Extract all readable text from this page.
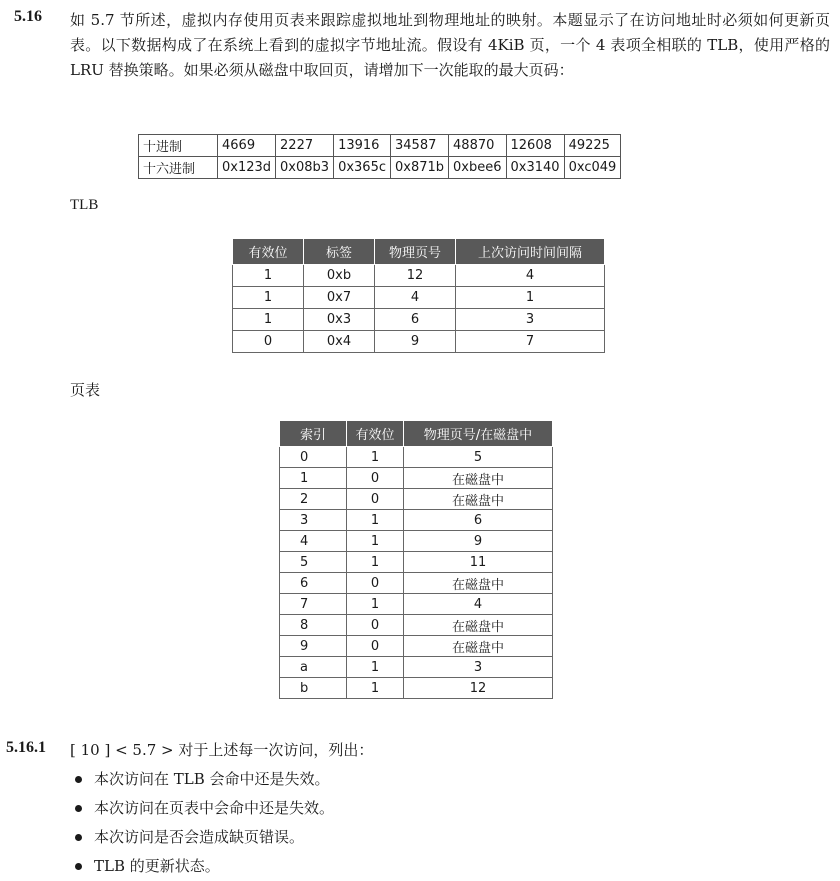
5.16 如 5.7 节所述，虚拟内存使用页表来跟踪虚拟地址到物理地址的映射。本题显示了在访问地址时必须如何更新页表。以下数据构成了在系统上看到的虚拟字节地址流。假设有 4KiB 页，一个 4 表项全相联的 TLB，使用严格的 LRU 替换策略。如果必须从磁盘中取回页，请增加下一次能取的最大页码：
十进制	4669	2227	13916	34587	48870	12608	49225
十六进制	0x123d	0x08b3	0x365c	0x871b	0xbee6	0x3140	0xc049
TLB
有效位	标签	物理页号	上次访问时间间隔
1	0xb	12	4
1	0x7	4	1
1	0x3	6	3
0	0x4	9	7
页表
索引	有效位	物理页号/在磁盘中
0	1	5
1	0	在磁盘中
2	0	在磁盘中
3	1	6
4	1	9
5	1	11
6	0	在磁盘中
7	1	4
8	0	在磁盘中
9	0	在磁盘中
a	1	3
b	1	12
5.16.1 [ 10 ] < 5.7 > 对于上述每一次访问，列出：
本次访问在 TLB 会命中还是失效。
本次访问在页表中会命中还是失效。
本次访问是否会造成缺页错误。
TLB 的更新状态。
